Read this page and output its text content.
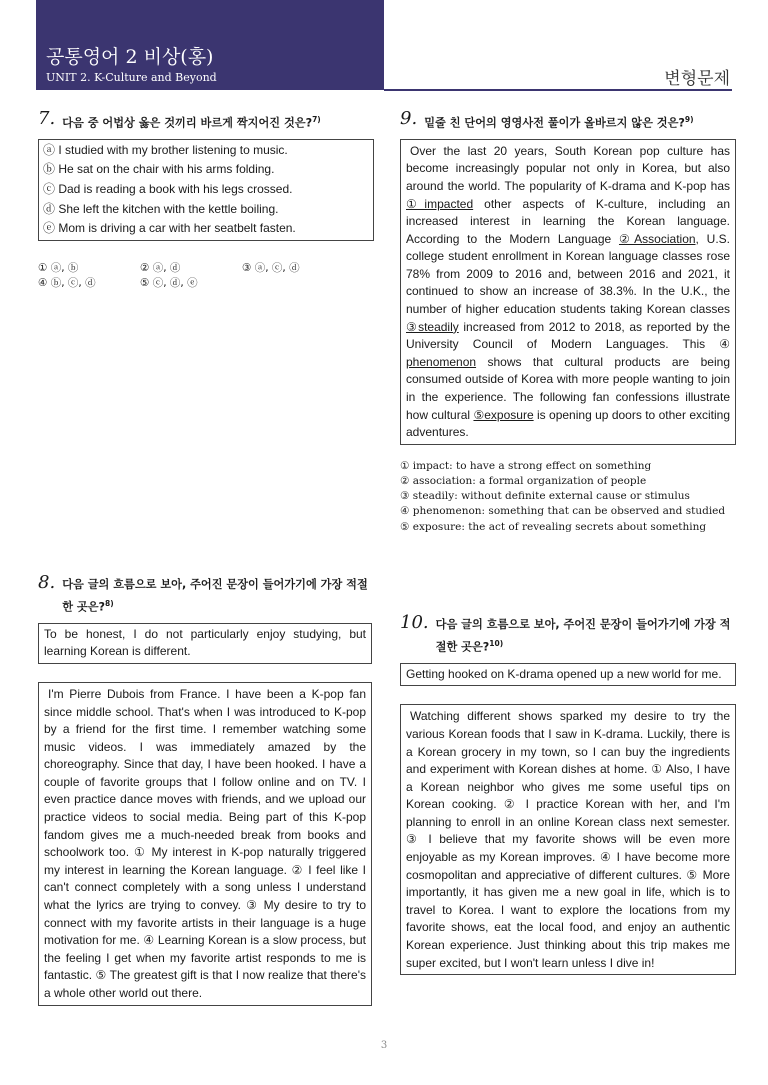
공통영어 2 비상(홍)
UNIT 2. K-Culture and Beyond	변형문제
7. 다음 중 어법상 옳은 것끼리 바르게 짝지어진 것은?$^{7)}$
ⓐ I studied with my brother listening to music.
ⓑ He sat on the chair with his arms folding.
ⓒ Dad is reading a book with his legs crossed.
ⓓ She left the kitchen with the kettle boiling.
ⓔ Mom is driving a car with her seatbelt fasten.
① ⓐ, ⓑ	② ⓐ, ⓓ	③ ⓐ, ⓒ, ⓓ
④ ⓑ, ⓒ, ⓓ	⑤ ⓒ, ⓓ, ⓔ
8. 다음 글의 흐름으로 보아, 주어진 문장이 들어가기에 가장 적절한 곳은?$^{8)}$

To be honest, I do not particularly enjoy studying, but learning Korean is different.

I'm Pierre Dubois from France. I have been a K-pop fan since middle school. That's when I was introduced to K-pop by a friend for the first time. I remember watching some music videos. I was immediately amazed by the choreography. Since that day, I have been hooked. I have a couple of favorite groups that I follow online and on TV. I even practice dance moves with friends, and we upload our practice videos to social media. Being part of this K-pop fandom gives me a much-needed break from books and schoolwork too. ① My interest in K-pop naturally triggered my interest in learning the Korean language. ② I feel like I can't connect completely with a song unless I understand what the lyrics are trying to convey. ③ My desire to try to connect with my favorite artists in their language is a huge motivation for me. ④ Learning Korean is a slow process, but the feeling I get when my favorite artist responds to me is fantastic. ⑤ The greatest gift is that I now realize that there's a whole other world out there.

9. 밑줄 친 단어의 영영사전 풀이가 올바르지 않은 것은?$^{9)}$

Over the last 20 years, South Korean pop culture has become increasingly popular not only in Korea, but also around the world. The popularity of K-drama and K-pop has ①impacted other aspects of K-culture, including an increased interest in learning the Korean language. According to the Modern Language ②Association, U.S. college student enrollment in Korean language classes rose 78% from 2009 to 2016 and, between 2016 and 2021, it continued to show an increase of 38.3%. In the U.K., the number of higher education students taking Korean classes ③steadily increased from 2012 to 2018, as reported by the University Council of Modern Languages. This ④ phenomenon shows that cultural products are being consumed outside of Korea with more people wanting to join in the experience. The following fan confessions illustrate how cultural ⑤exposure is opening up doors to other exciting adventures.

① impact: to have a strong effect on something
② association: a formal organization of people
③ steadily: without definite external cause or stimulus
④ phenomenon: something that can be observed and studied
⑤ exposure: the act of revealing secrets about something
10. 다음 글의 흐름으로 보아, 주어진 문장이 들어가기에 가장 적절한 곳은?$^{10)}$

Getting hooked on K-drama opened up a new world for me.

Watching different shows sparked my desire to try the various Korean foods that I saw in K-drama. Luckily, there is a Korean grocery in my town, so I can buy the ingredients and experiment with Korean dishes at home. ① Also, I have a Korean neighbor who gives me some useful tips on Korean cooking. ② I practice Korean with her, and I'm planning to enroll in an online Korean class next semester. ③ I believe that my favorite shows will be even more enjoyable as my Korean improves. ④ I have become more cosmopolitan and appreciative of different cultures. ⑤ More importantly, it has given me a new goal in life, which is to travel to Korea. I want to explore the locations from my favorite shows, eat the local food, and enjoy an authentic Korean experience. Just thinking about this trip makes me super excited, but I won't learn unless I dive in!

3
